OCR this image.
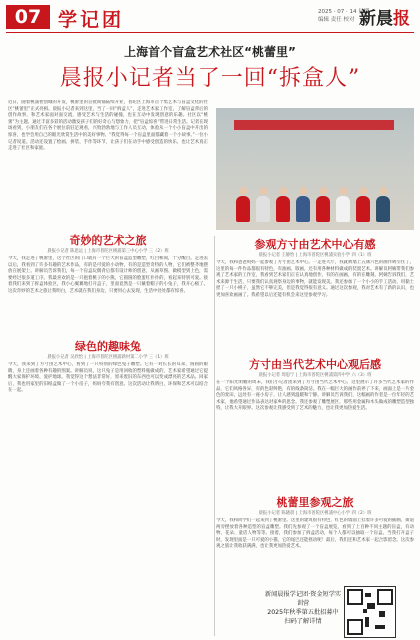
07 学记团	2025 · 07 · 14 星期一
编辑 责任 校对 新晨报
上海首个盲盒艺术社区“桃蕾里”
晨报小记者当了一回“拆盒人”
近日，随着桃浦智创城的开发，桃蕾里的首批商铺陆续开业，普陀区上海市首个集艺术与盲盒文化的社区“桃蕾里”正式亮相。晨报小记者来到这里，当了一回“拆盒人”，走进艺术家工作室，了解盲盒背后的创作故事，和艺术家面对面交流，感受艺术与生活的碰撞，也在互动中发现创意的乐趣。社区以“桃蕾”为主题，通过丰富多彩的活动激发孩子们的好奇心与想象力，把“盲盒惊喜”带进日常生活。记者在现场看到，小朋友们在各个展位前驻足观看，兴致勃勃地与工作人员互动，体验从一个小小盲盒中开出的惊喜，也学会用自己的眼光欣赏生活中的美好事物。“我觉得每一个盲盒里面都藏着一个小故事。”一位小记者说道。活动还设置了绘画、拼装、手作等环节，让孩子们在动手中感受创造的快乐，也让艺术真正走进了社区和家庭。
奇妙的艺术之旅
晨报小记者 陈思远 | 上海市普陀区桃浦第三中心小学 三（2）班
今天，我走进了桃蕾里，这个社区的门口就有一个巨大的盲盒造型雕塑，红白相间，十分醒目。走进去以后，我看到了许多有趣的艺术作品，有的是可爱的小动物，有的是造型奇特的人物，它们被整齐地摆放在展架上。讲解员告诉我们，每一个盲盒玩偶背后都有设计师的创意，从画草图、做模型到上色，需要经过很多道工序。我最喜欢的是一只抱着桃子的小熊，它圆圆的脸蛋红扑扑的，看起来特别可爱。接着我们来到了拆盒体验区，我小心翼翼地打开盒子，里面竟然是一只戴着帽子的小兔子，我开心极了。这次奇妙的艺术之旅让我明白，艺术就在我们身边，只要用心去发现，生活中处处都有惊喜。
参观方寸由艺术中心有感
晨报小记者 王静怡 | 上海市普陀区桃浦实验小学 四（1）班
今天，我和爸爸妈妈一起参观了方寸由艺术中心。一走进大厅，我就被墙上五颜六色的画作吸引住了。这里的每一件作品都很有特色，有油画、版画，还有用各种材料做成的装置艺术。讲解员阿姨带我们参观了艺术家的工作室，我看到艺术家们正在认真地创作，有的在画画，有的在雕刻。阿姨告诉我们，艺术来源于生活，只要我们认真观察身边的事物，就能发现美。我还参加了一个小小的手工活动，用黏土捏了一只小桃子，虽然它不够完美，但是我觉得很有意义。通过这次参观，我对艺术有了新的认识，也更加喜欢画画了。我希望以后还能有机会来这里参观学习。
方寸由当代艺术中心观后感
晨报小记者 周思宁 | 上海市普陀区桃浦第四中学 六（3）班
在一个阳光明媚的周末，我们小记者团来到了方寸由当代艺术中心。这里展示了许多当代艺术家的作品，它们风格各异，有的色彩鲜艳，有的线条简洁。我在一幅巨大的画作前停了下来，画面上是一片金色的麦田，远处有一座小房子，让人感到温暖和宁静。讲解员告诉我们，这幅画的作者是一位年轻的艺术家，他希望通过作品表达对家乡的思念。我还参观了雕塑展区，那些用金属和木头做成的雕塑造型独特，让我大开眼界。这次参观让我感受到了艺术的魅力，也让我更加热爱生活。
绿色的趣味兔
晨报小记者 吴欣怡 | 上海市普陀区桃浦新村第二小学 三（1）班
今天，我来到了方寸由艺术中心，看到了一只特别的绿色兔子雕塑。它有一对长长的耳朵，圆圆的眼睛，身上还画着各种有趣的图案。讲解员说，这只兔子是用回收的塑料瓶做成的，艺术家希望通过它提醒大家保护环境、爱护地球。我觉得这个想法非常好，原来废旧的东西也可以变成漂亮的艺术品。回家后，我也用家里的旧纸盒做了一个小房子，妈妈夸我有创意。这次活动让我明白，环保和艺术可以结合在一起。
桃蕾里参观之旅
晨报小记者 陈晓晨 | 上海市普陀区桃浦中心小学 四（2）班
今天，我和同学们一起来到了桃蕾里。这里的建筑很有特色，红色的墙面上挂着许多可爱的插画，街道两旁摆放着各种造型的盲盒雕塑。我们先参观了一个盲盒展览，看到了上百种不同主题的盲盒，有动物、花朵、童话人物等等。接着，我们参加了拆盒活动，每个人都可以抽取一个盲盒。当我打开盒子时，发现里面是一只可爱的小猫，它的尾巴还能摇动呢！最后，我们还和艺术家一起合影留念。这次参观之旅让我收获满满，也让我更加热爱艺术。
新闻晨报学记团·资金短学实训营
2025年秋季第五批招募中
扫码了解详情
